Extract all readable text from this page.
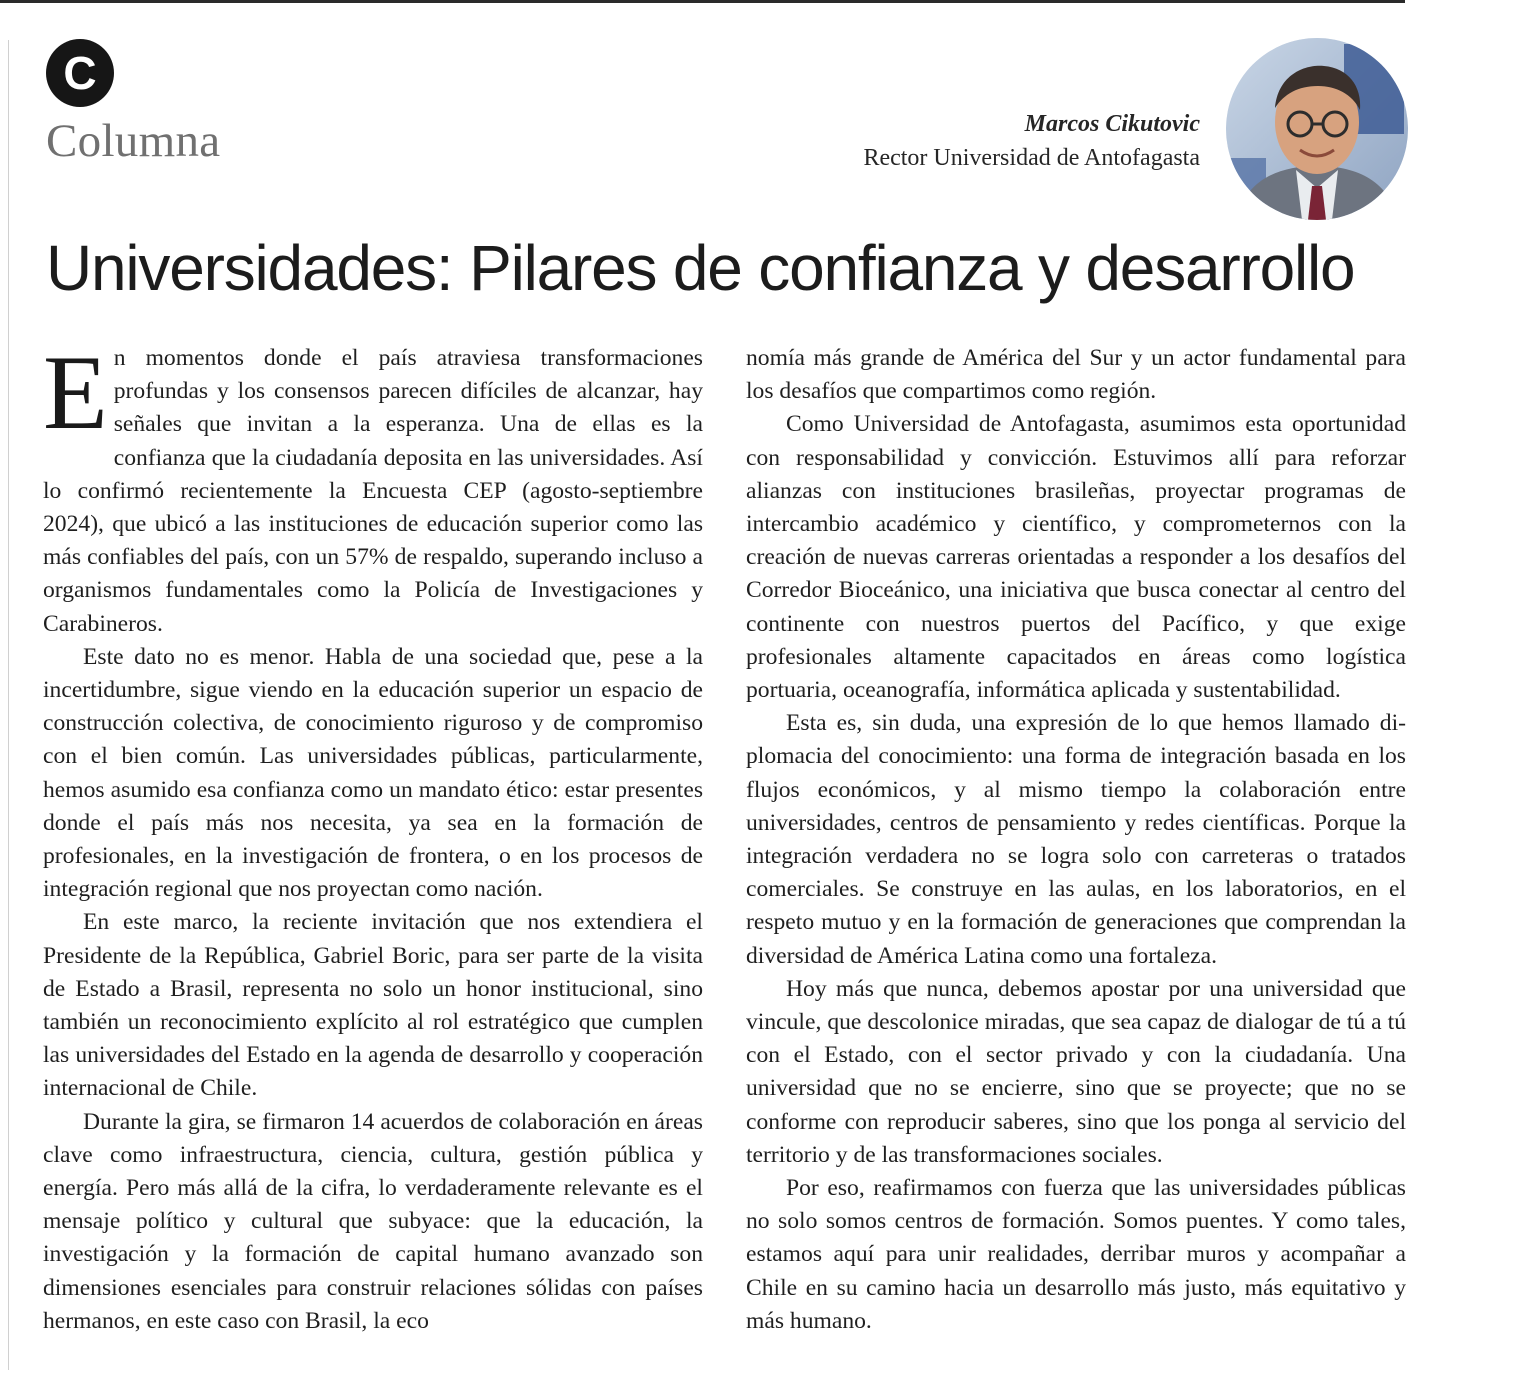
C
Columna	Marcos Cikutovic
Rector Universidad de Antofagasta
Universidades: Pilares de confianza y desarrollo

En momentos donde el país atraviesa transformaciones profundas y los consensos parecen difíciles de alcanzar, hay señales que invitan a la esperanza. Una de ellas es la confianza que la ciudadanía deposita en las universidades. Así lo confirmó recientemente la Encuesta CEP (agosto-septiembre 2024), que ubicó a las instituciones de educación superior como las más confiables del país, con un 57% de respaldo, superando incluso a organismos fundamentales como la Policía de Investigaciones y Carabineros.

Este dato no es menor. Habla de una sociedad que, pese a la incertidumbre, sigue viendo en la educación superior un espacio de construcción colectiva, de conocimiento riguroso y de compromiso con el bien común. Las universidades públicas, particularmente, hemos asumido esa confianza como un mandato ético: estar presentes donde el país más nos necesita, ya sea en la formación de profesionales, en la investigación de frontera, o en los procesos de integración regional que nos proyectan como nación.

En este marco, la reciente invitación que nos extendiera el Presidente de la República, Gabriel Boric, para ser parte de la visita de Estado a Brasil, representa no solo un honor institucional, sino también un reconocimiento explícito al rol estratégico que cumplen las universidades del Estado en la agenda de desarrollo y cooperación internacional de Chile.

Durante la gira, se firmaron 14 acuerdos de colaboración en áreas clave como infraestructura, ciencia, cultura, gestión pública y energía. Pero más allá de la cifra, lo verdaderamente relevante es el mensaje político y cultural que subyace: que la educación, la investigación y la formación de capital humano avanzado son dimensiones esenciales para construir relaciones sólidas con países hermanos, en este caso con Brasil, la eco

nomía más grande de América del Sur y un actor fundamental para los desafíos que compartimos como región.

Como Universidad de Antofagasta, asumimos esta oportunidad con responsabilidad y convicción. Estuvimos allí para reforzar alianzas con instituciones brasileñas, proyectar programas de intercambio académico y científico, y comprometernos con la creación de nuevas carreras orientadas a responder a los desafíos del Corredor Bioceánico, una iniciativa que busca conectar al centro del continente con nuestros puertos del Pacífico, y que exige profesionales altamente capacitados en áreas como logística portuaria, oceanografía, informática aplicada y sustentabilidad.

Esta es, sin duda, una expresión de lo que hemos llamado diplomacia del conocimiento: una forma de integración basada en los flujos económicos, y al mismo tiempo la colaboración entre universidades, centros de pensamiento y redes científicas. Porque la integración verdadera no se logra solo con carreteras o tratados comerciales. Se construye en las aulas, en los laboratorios, en el respeto mutuo y en la formación de generaciones que comprendan la diversidad de América Latina como una fortaleza.

Hoy más que nunca, debemos apostar por una universidad que vincule, que descolonice miradas, que sea capaz de dialogar de tú a tú con el Estado, con el sector privado y con la ciudadanía. Una universidad que no se encierre, sino que se proyecte; que no se conforme con reproducir saberes, sino que los ponga al servicio del territorio y de las transformaciones sociales.

Por eso, reafirmamos con fuerza que las universidades públicas no solo somos centros de formación. Somos puentes. Y como tales, estamos aquí para unir realidades, derribar muros y acompañar a Chile en su camino hacia un desarrollo más justo, más equitativo y más humano.
